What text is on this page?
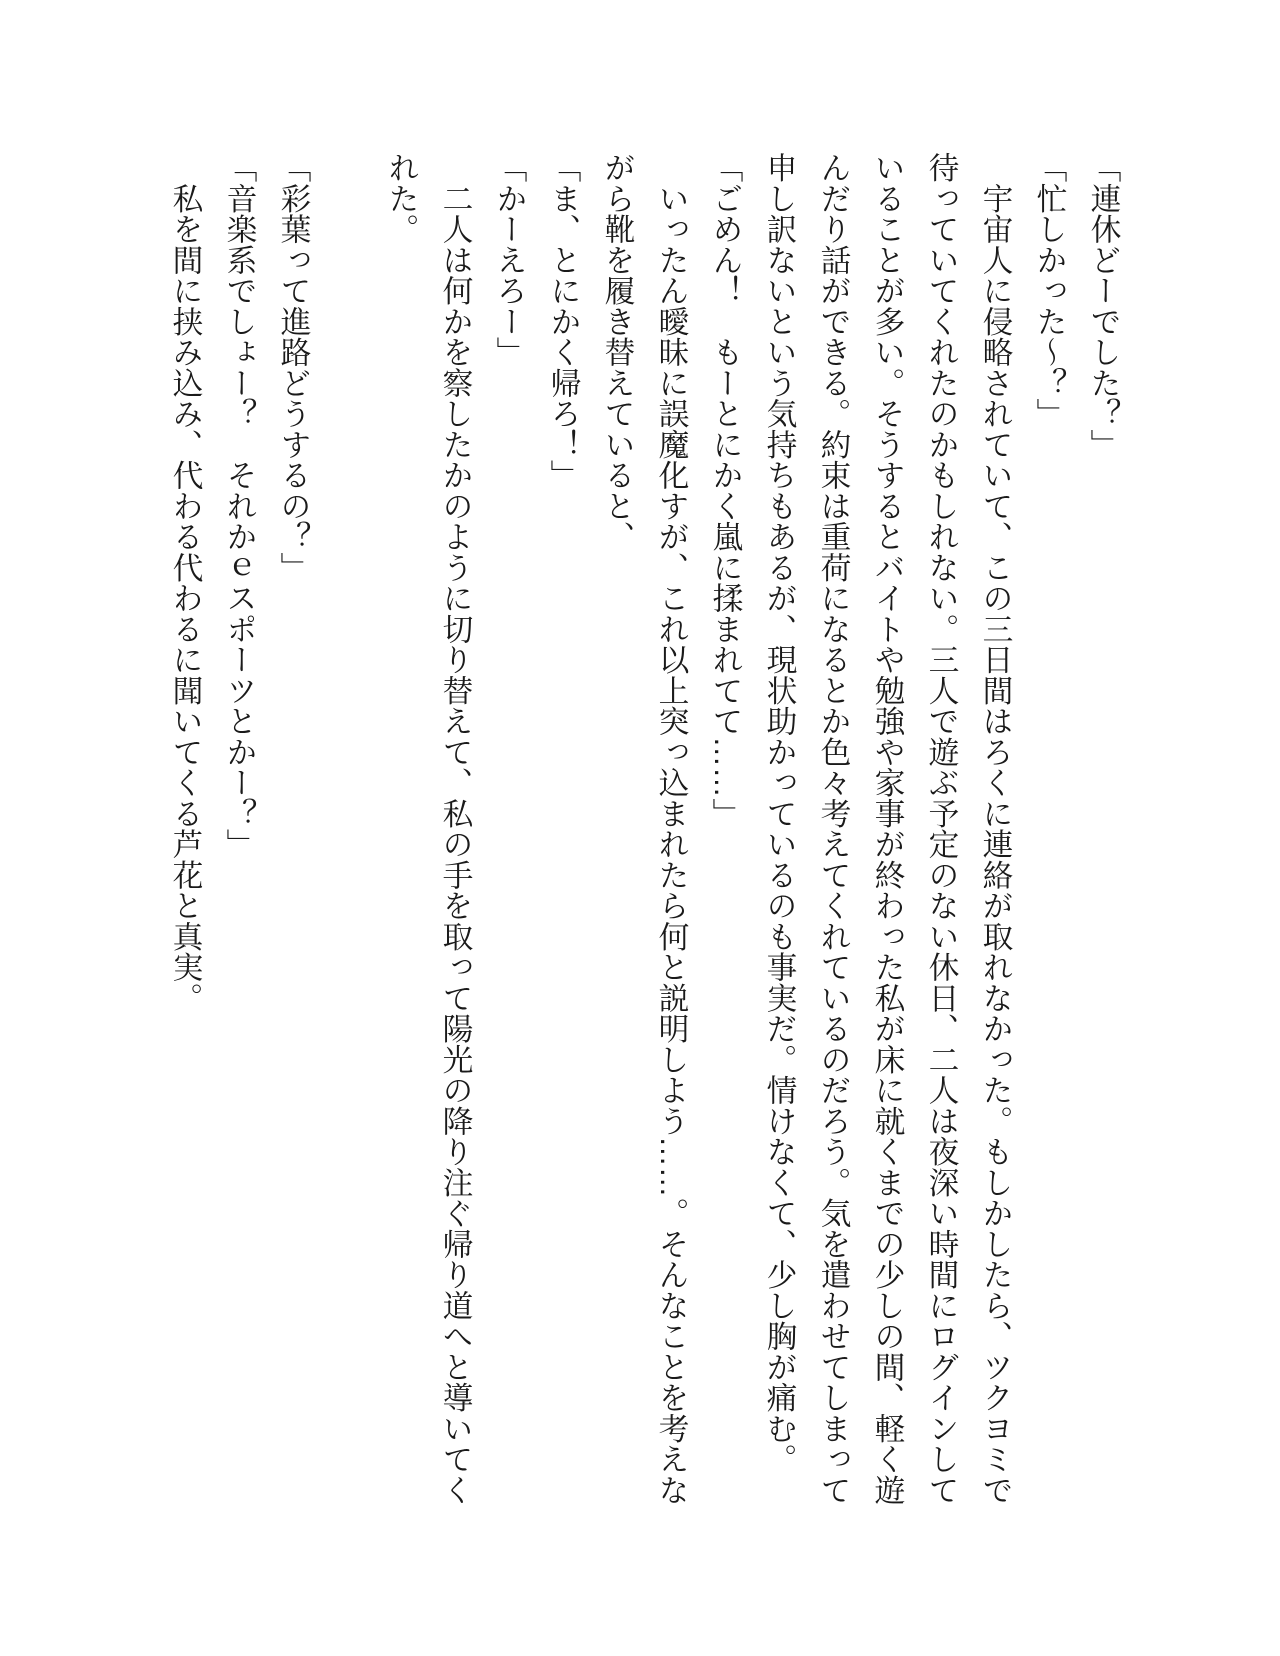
「連休どーでした？」

「忙しかった～？」

　宇宙人に侵略されていて、この三日間はろくに連絡が取れなかった。もしかしたら、ツクヨミで

待っていてくれたのかもしれない。三人で遊ぶ予定のない休日、二人は夜深い時間にログインして

いることが多い。そうするとバイトや勉強や家事が終わった私が床に就くまでの少しの間、軽く遊

んだり話ができる。約束は重荷になるとか色々考えてくれているのだろう。気を遣わせてしまって

申し訳ないという気持ちもあるが、現状助かっているのも事実だ。情けなくて、少し胸が痛む。

「ごめん！　もーとにかく嵐に揉まれてて……」

　いったん曖昧に誤魔化すが、これ以上突っ込まれたら何と説明しよう……。そんなことを考えな

がら靴を履き替えていると、

「ま、とにかく帰ろ！」

「かーえろー」

　二人は何かを察したかのように切り替えて、私の手を取って陽光の降り注ぐ帰り道へと導いてく

れた。

「彩葉って進路どうするの？」

「音楽系でしょー？　それかｅスポーツとかー？」

　私を間に挟み込み、代わる代わるに聞いてくる芦花と真実。
